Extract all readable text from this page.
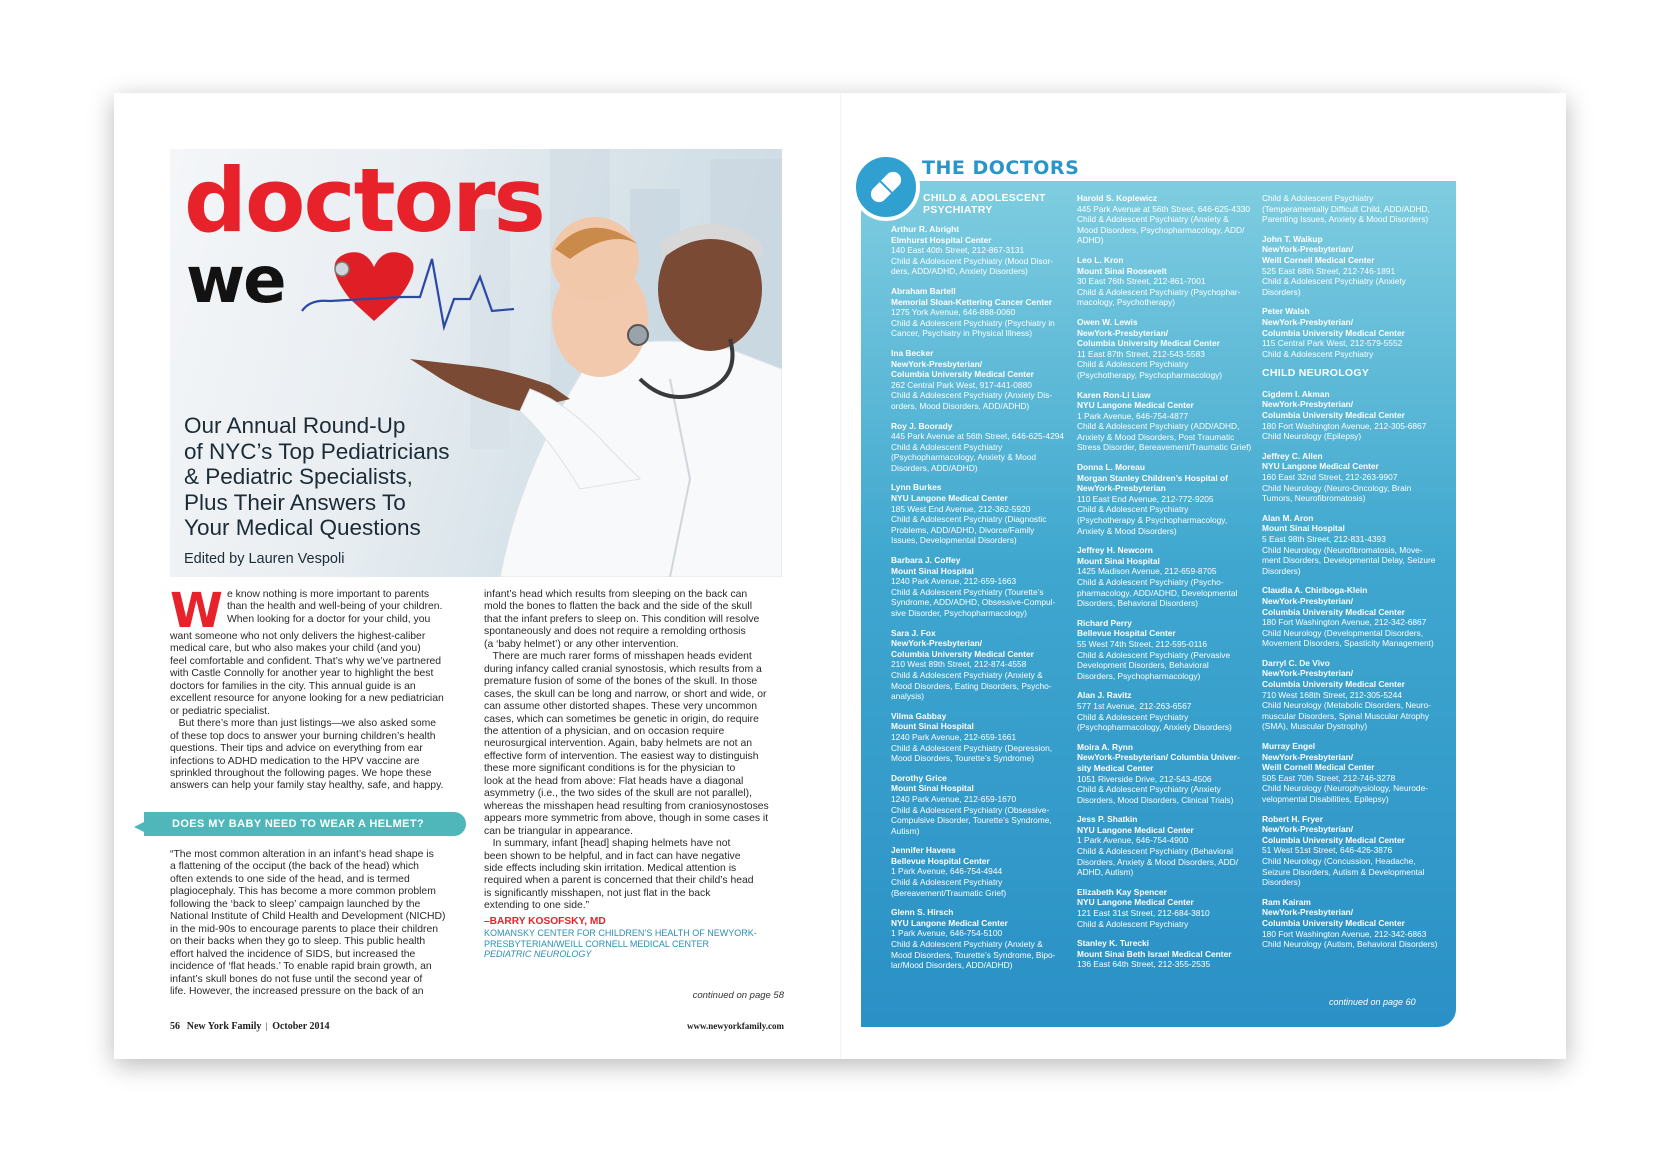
doctors
we
Our Annual Round-Up
of NYC’s Top Pediatricians
& Pediatric Specialists,
Plus Their Answers To
Your Medical Questions
Edited by Lauren Vespoli
W e know nothing is more important to parents
than the health and well-being of your children.
When looking for a doctor for your child, you
want someone who not only delivers the highest-caliber
medical care, but who also makes your child (and you)
feel comfortable and confident. That’s why we’ve partnered
with Castle Connolly for another year to highlight the best
doctors for families in the city. This annual guide is an
excellent resource for anyone looking for a new pediatrician
or pediatric specialist.
But there’s more than just listings—we also asked some
of these top docs to answer your burning children’s health
questions. Their tips and advice on everything from ear
infections to ADHD medication to the HPV vaccine are
sprinkled throughout the following pages. We hope these
answers can help your family stay healthy, safe, and happy.
DOES MY BABY NEED TO WEAR A HELMET?
“The most common alteration in an infant’s head shape is
a flattening of the occiput (the back of the head) which
often extends to one side of the head, and is termed
plagiocephaly. This has become a more common problem
following the ‘back to sleep’ campaign launched by the
National Institute of Child Health and Development (NICHD)
in the mid-90s to encourage parents to place their children
on their backs when they go to sleep. This public health
effort halved the incidence of SIDS, but increased the
incidence of ‘flat heads.’ To enable rapid brain growth, an
infant’s skull bones do not fuse until the second year of
life. However, the increased pressure on the back of an
infant’s head which results from sleeping on the back can
mold the bones to flatten the back and the side of the skull
that the infant prefers to sleep on. This condition will resolve
spontaneously and does not require a remolding orthosis
(a ‘baby helmet’) or any other intervention.
There are much rarer forms of misshapen heads evident
during infancy called cranial synostosis, which results from a
premature fusion of some of the bones of the skull. In those
cases, the skull can be long and narrow, or short and wide, or
can assume other distorted shapes. These very uncommon
cases, which can sometimes be genetic in origin, do require
the attention of a physician, and on occasion require
neurosurgical intervention. Again, baby helmets are not an
effective form of intervention. The easiest way to distinguish
these more significant conditions is for the physician to
look at the head from above: Flat heads have a diagonal
asymmetry (i.e., the two sides of the skull are not parallel),
whereas the misshapen head resulting from craniosynostoses
appears more symmetric from above, though in some cases it
can be triangular in appearance.
In summary, infant [head] shaping helmets have not
been shown to be helpful, and in fact can have negative
side effects including skin irritation. Medical attention is
required when a parent is concerned that their child’s head
is significantly misshapen, not just flat in the back
extending to one side.”
–BARRY KOSOFSKY, MD
KOMANSKY CENTER FOR CHILDREN’S HEALTH OF NEWYORK-
PRESBYTERIAN/WEILL CORNELL MEDICAL CENTER
PEDIATRIC NEUROLOGY
continued on page 58
56 New York Family | October 2014	www.newyorkfamily.com
CHILD & ADOLESCENT PSYCHIATRY
Arthur R. Abright
Elmhurst Hospital Center
140 East 40th Street, 212-867-3131
Child & Adolescent Psychiatry (Mood Disor-
ders, ADD/ADHD, Anxiety Disorders)
Abraham Bartell
Memorial Sloan-Kettering Cancer Center
1275 York Avenue, 646-888-0060
Child & Adolescent Psychiatry (Psychiatry in
Cancer, Psychiatry in Physical Illness)
Ina Becker
NewYork-Presbyterian/
Columbia University Medical Center
262 Central Park West, 917-441-0880
Child & Adolescent Psychiatry (Anxiety Dis-
orders, Mood Disorders, ADD/ADHD)
Roy J. Boorady
445 Park Avenue at 56th Street, 646-625-4294
Child & Adolescent Psychiatry
(Psychopharmacology, Anxiety & Mood
Disorders, ADD/ADHD)
Lynn Burkes
NYU Langone Medical Center
185 West End Avenue, 212-362-5920
Child & Adolescent Psychiatry (Diagnostic
Problems, ADD/ADHD, Divorce/Family
Issues, Developmental Disorders)
Barbara J. Coffey
Mount Sinai Hospital
1240 Park Avenue, 212-659-1663
Child & Adolescent Psychiatry (Tourette’s
Syndrome, ADD/ADHD, Obsessive-Compul-
sive Disorder, Psychopharmacology)
Sara J. Fox
NewYork-Presbyterian/
Columbia University Medical Center
210 West 89th Street, 212-874-4558
Child & Adolescent Psychiatry (Anxiety &
Mood Disorders, Eating Disorders, Psycho-
analysis)
Vilma Gabbay
Mount Sinai Hospital
1240 Park Avenue, 212-659-1661
Child & Adolescent Psychiatry (Depression,
Mood Disorders, Tourette’s Syndrome)
Dorothy Grice
Mount Sinai Hospital
1240 Park Avenue, 212-659-1670
Child & Adolescent Psychiatry (Obsessive-
Compulsive Disorder, Tourette’s Syndrome,
Autism)
Jennifer Havens
Bellevue Hospital Center
1 Park Avenue, 646-754-4944
Child & Adolescent Psychiatry
(Bereavement/Traumatic Grief)
Glenn S. Hirsch
NYU Langone Medical Center
1 Park Avenue, 646-754-5100
Child & Adolescent Psychiatry (Anxiety &
Mood Disorders, Tourette’s Syndrome, Bipo-
lar/Mood Disorders, ADD/ADHD)
Harold S. Koplewicz
445 Park Avenue at 56th Street, 646-625-4330
Child & Adolescent Psychiatry (Anxiety &
Mood Disorders, Psychopharmacology, ADD/
ADHD)
Leo L. Kron
Mount Sinai Roosevelt
30 East 76th Street, 212-861-7001
Child & Adolescent Psychiatry (Psychophar-
macology, Psychotherapy)
Owen W. Lewis
NewYork-Presbyterian/
Columbia University Medical Center
11 East 87th Street, 212-543-5583
Child & Adolescent Psychiatry
(Psychotherapy, Psychopharmacology)
Karen Ron-Li Liaw
NYU Langone Medical Center
1 Park Avenue, 646-754-4877
Child & Adolescent Psychiatry (ADD/ADHD,
Anxiety & Mood Disorders, Post Traumatic
Stress Disorder, Bereavement/Traumatic Grief)
Donna L. Moreau
Morgan Stanley Children’s Hospital of
NewYork-Presbyterian
110 East End Avenue, 212-772-9205
Child & Adolescent Psychiatry
(Psychotherapy & Psychopharmacology,
Anxiety & Mood Disorders)
Jeffrey H. Newcorn
Mount Sinai Hospital
1425 Madison Avenue, 212-659-8705
Child & Adolescent Psychiatry (Psycho-
pharmacology, ADD/ADHD, Developmental
Disorders, Behavioral Disorders)
Richard Perry
Bellevue Hospital Center
55 West 74th Street, 212-595-0116
Child & Adolescent Psychiatry (Pervasive
Development Disorders, Behavioral
Disorders, Psychopharmacology)
Alan J. Ravitz
577 1st Avenue, 212-263-6567
Child & Adolescent Psychiatry
(Psychopharmacology, Anxiety Disorders)
Moira A. Rynn
NewYork-Presbyterian/ Columbia Univer-
sity Medical Center
1051 Riverside Drive, 212-543-4506
Child & Adolescent Psychiatry (Anxiety
Disorders, Mood Disorders, Clinical Trials)
Jess P. Shatkin
NYU Langone Medical Center
1 Park Avenue, 646-754-4900
Child & Adolescent Psychiatry (Behavioral
Disorders, Anxiety & Mood Disorders, ADD/
ADHD, Autism)
Elizabeth Kay Spencer
NYU Langone Medical Center
121 East 31st Street, 212-684-3810
Child & Adolescent Psychiatry
Stanley K. Turecki
Mount Sinai Beth Israel Medical Center
136 East 64th Street, 212-355-2535
Child & Adolescent Psychiatry
(Temperamentally Difficult Child, ADD/ADHD,
Parenting Issues, Anxiety & Mood Disorders)
John T. Walkup
NewYork-Presbyterian/
Weill Cornell Medical Center
525 East 68th Street, 212-746-1891
Child & Adolescent Psychiatry (Anxiety
Disorders)
Peter Walsh
NewYork-Presbyterian/
Columbia University Medical Center
115 Central Park West, 212-579-5552
Child & Adolescent Psychiatry
CHILD NEUROLOGY
Cigdem I. Akman
NewYork-Presbyterian/
Columbia University Medical Center
180 Fort Washington Avenue, 212-305-6867
Child Neurology (Epilepsy)
Jeffrey C. Allen
NYU Langone Medical Center
160 East 32nd Street, 212-263-9907
Child Neurology (Neuro-Oncology, Brain
Tumors, Neurofibromatosis)
Alan M. Aron
Mount Sinai Hospital
5 East 98th Street, 212-831-4393
Child Neurology (Neurofibromatosis, Move-
ment Disorders, Developmental Delay, Seizure
Disorders)
Claudia A. Chiriboga-Klein
NewYork-Presbyterian/
Columbia University Medical Center
180 Fort Washington Avenue, 212-342-6867
Child Neurology (Developmental Disorders,
Movement Disorders, Spasticity Management)
Darryl C. De Vivo
NewYork-Presbyterian/
Columbia University Medical Center
710 West 168th Street, 212-305-5244
Child Neurology (Metabolic Disorders, Neuro-
muscular Disorders, Spinal Muscular Atrophy
(SMA), Muscular Dystrophy)
Murray Engel
NewYork-Presbyterian/
Weill Cornell Medical Center
505 East 70th Street, 212-746-3278
Child Neurology (Neurophysiology, Neurode-
velopmental Disabilities, Epilepsy)
Robert H. Fryer
NewYork-Presbyterian/
Columbia University Medical Center
51 West 51st Street, 646-426-3876
Child Neurology (Concussion, Headache,
Seizure Disorders, Autism & Developmental
Disorders)
Ram Kairam
NewYork-Presbyterian/
Columbia University Medical Center
180 Fort Washington Avenue, 212-342-6863
Child Neurology (Autism, Behavioral Disorders)
continued on page 60
THE DOCTORS
